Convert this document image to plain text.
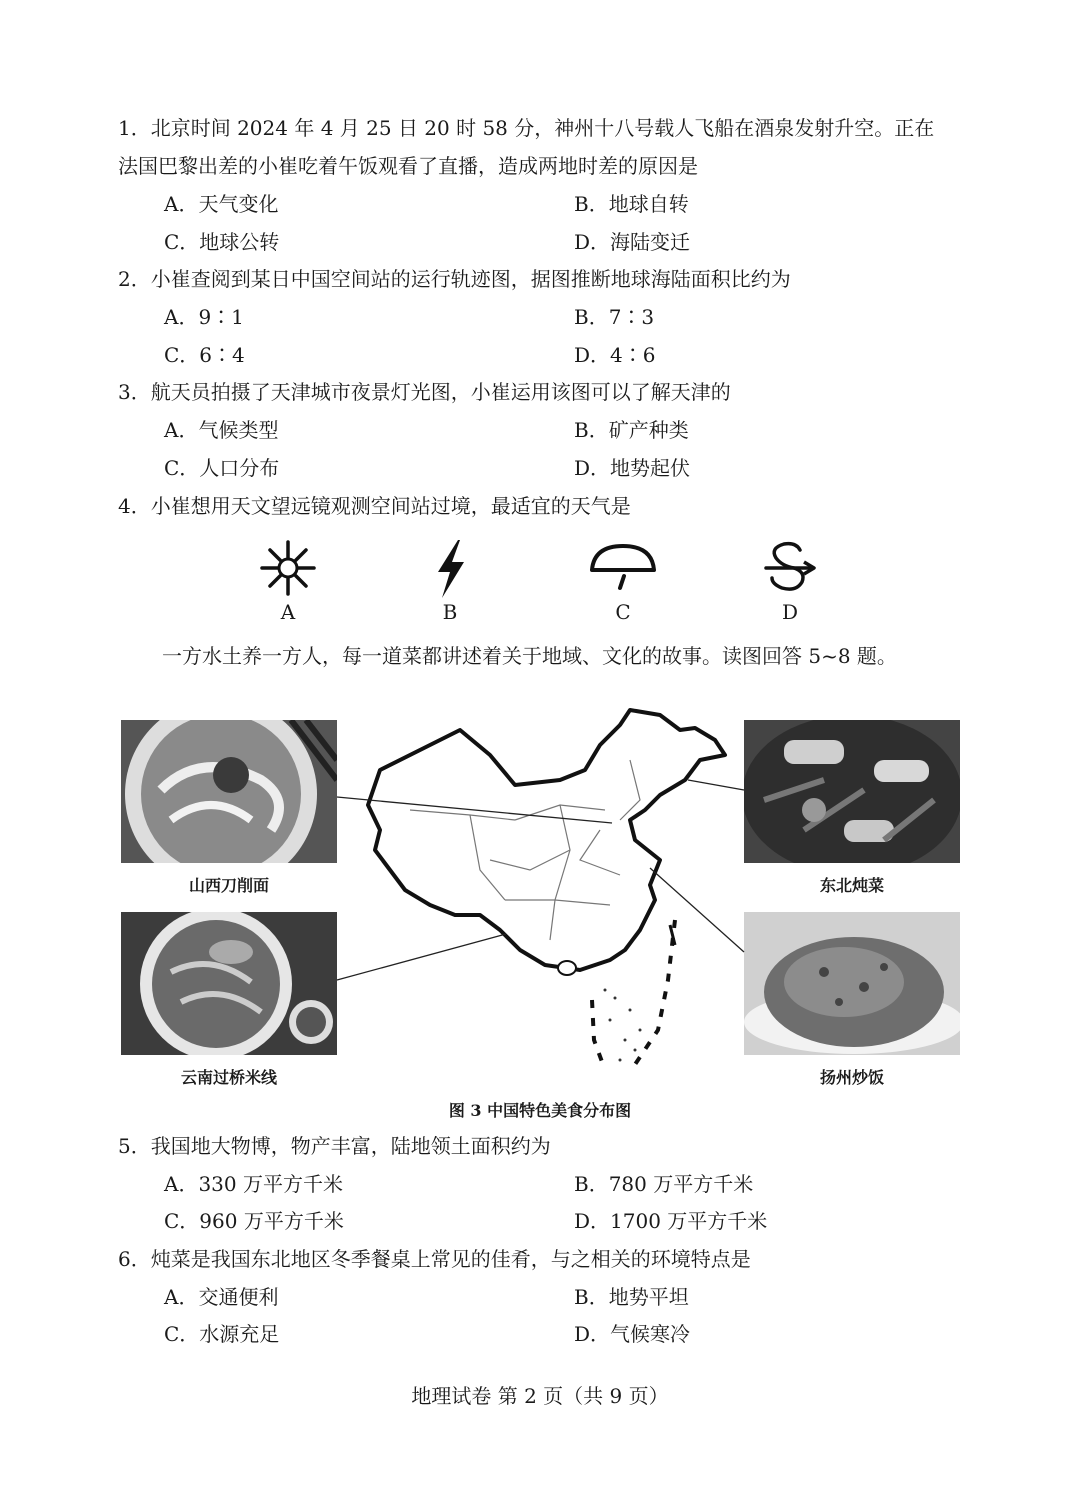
1．北京时间 2024 年 4 月 25 日 20 时 58 分，神州十八号载人飞船在酒泉发射升空。正在
法国巴黎出差的小崔吃着午饭观看了直播，造成两地时差的原因是
A．天气变化	B．地球自转
C．地球公转	D．海陆变迁
2．小崔查阅到某日中国空间站的运行轨迹图，据图推断地球海陆面积比约为
A．9∶1	B．7∶3
C．6∶4	D．4∶6
3．航天员拍摄了天津城市夜景灯光图，小崔运用该图可以了解天津的
A．气候类型	B．矿产种类
C．人口分布	D．地势起伏
4．小崔想用天文望远镜观测空间站过境，最适宜的天气是
A	B	C	D
一方水土养一方人，每一道菜都讲述着关于地域、文化的故事。读图回答 5~8 题。
山西刀削面	东北炖菜
云南过桥米线	扬州炒饭
图 3 中国特色美食分布图
5．我国地大物博，物产丰富，陆地领土面积约为
A．330 万平方千米	B．780 万平方千米
C．960 万平方千米	D．1700 万平方千米
6．炖菜是我国东北地区冬季餐桌上常见的佳肴，与之相关的环境特点是
A．交通便利	B．地势平坦
C．水源充足	D．气候寒冷
地理试卷 第 2 页（共 9 页）
